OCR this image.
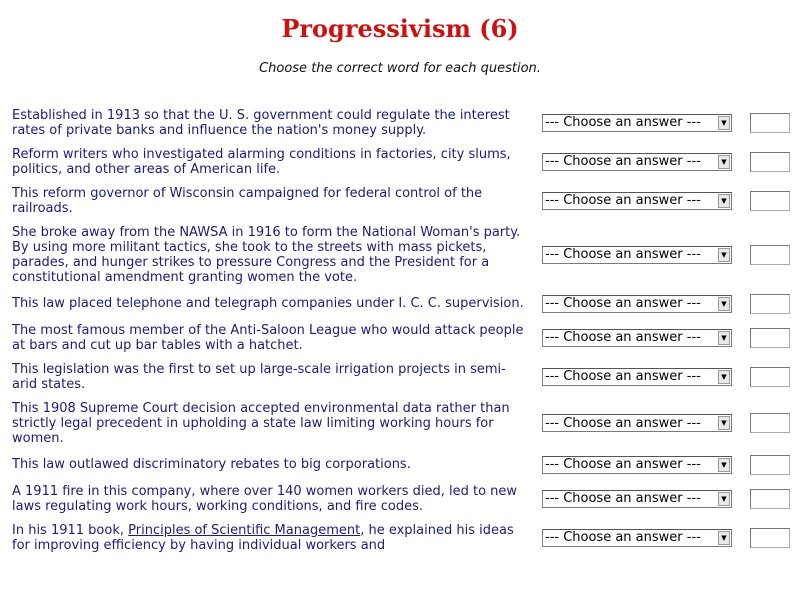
Progressivism (6)
Choose the correct word for each question.
Established in 1913 so that the U. S. government could regulate the interest rates of private banks and influence the nation's money supply.	--- Choose an answer --- ▼	

Reform writers who investigated alarming conditions in factories, city slums, politics, and other areas of American life.	--- Choose an answer --- ▼	

This reform governor of Wisconsin campaigned for federal control of the railroads.	--- Choose an answer --- ▼	

She broke away from the NAWSA in 1916 to form the National Woman's party. By using more militant tactics, she took to the streets with mass pickets, parades, and hunger strikes to pressure Congress and the President for a constitutional amendment granting women the vote.	--- Choose an answer --- ▼	

This law placed telephone and telegraph companies under I. C. C. supervision.	--- Choose an answer --- ▼	

The most famous member of the Anti-Saloon League who would attack people at bars and cut up bar tables with a hatchet.	--- Choose an answer --- ▼	

This legislation was the first to set up large-scale irrigation projects in semi-arid states.	--- Choose an answer --- ▼	

This 1908 Supreme Court decision accepted environmental data rather than strictly legal precedent in upholding a state law limiting working hours for women.	--- Choose an answer --- ▼	

This law outlawed discriminatory rebates to big corporations.	--- Choose an answer --- ▼	

A 1911 fire in this company, where over 140 women workers died, led to new laws regulating work hours, working conditions, and fire codes.	--- Choose an answer --- ▼	

In his 1911 book, Principles of Scientific Management, he explained his ideas for improving efficiency by having individual workers and	--- Choose an answer --- ▼	
